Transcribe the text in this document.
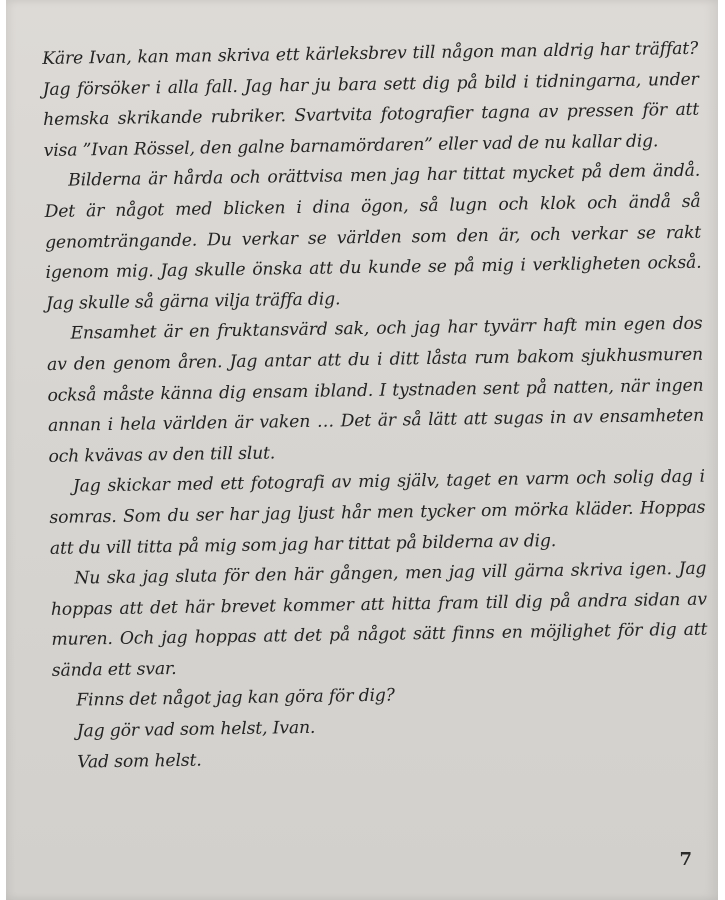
Käre Ivan, kan man skriva ett kärleksbrev till någon man aldrig har träffat? Jag försöker i alla fall. Jag har ju bara sett dig på bild i tidningarna, under hemska skrikande rubriker. Svartvita fotografier tagna av pressen för att visa ”Ivan Rössel, den galne barnamördaren” eller vad de nu kallar dig.

Bilderna är hårda och orättvisa men jag har tittat mycket på dem ändå. Det är något med blicken i dina ögon, så lugn och klok och ändå så genomträngande. Du verkar se världen som den är, och verkar se rakt igenom mig. Jag skulle önska att du kunde se på mig i verkligheten också. Jag skulle så gärna vilja träffa dig.

Ensamhet är en fruktansvärd sak, och jag har tyvärr haft min egen dos av den genom åren. Jag antar att du i ditt låsta rum bakom sjukhusmuren också måste känna dig ensam ibland. I tystnaden sent på natten, när ingen annan i hela världen är vaken … Det är så lätt att sugas in av ensamheten och kvävas av den till slut.

Jag skickar med ett fotografi av mig själv, taget en varm och solig dag i somras. Som du ser har jag ljust hår men tycker om mörka kläder. Hoppas att du vill titta på mig som jag har tittat på bilderna av dig.

Nu ska jag sluta för den här gången, men jag vill gärna skriva igen. Jag hoppas att det här brevet kommer att hitta fram till dig på andra sidan av muren. Och jag hoppas att det på något sätt finns en möjlighet för dig att sända ett svar.

Finns det något jag kan göra för dig?

Jag gör vad som helst, Ivan.

Vad som helst.

7
